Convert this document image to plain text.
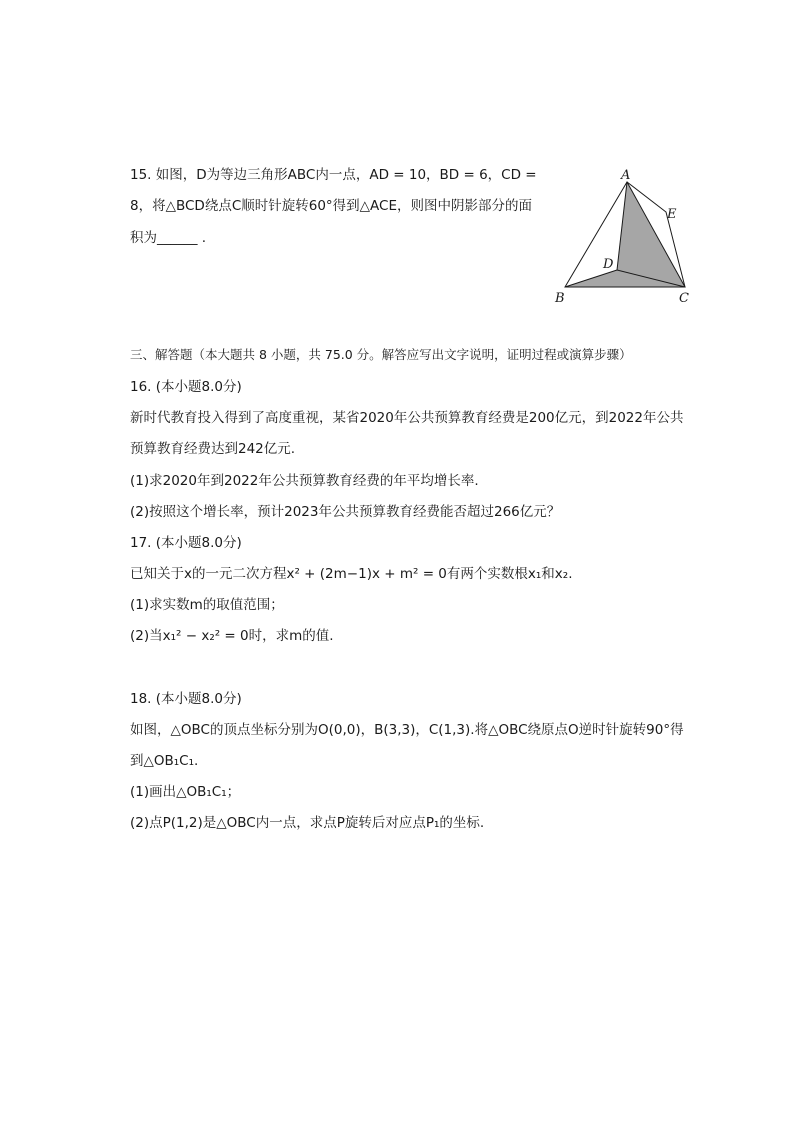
15. 如图，D为等边三角形ABC内一点，AD = 10，BD = 6，CD =
8，将△BCD绕点C顺时针旋转60°得到△ACE，则图中阴影部分的面
积为______ .
A
B	C
D
E
三、解答题（本大题共 8 小题，共 75.0 分。解答应写出文字说明，证明过程或演算步骤）
16. (本小题8.0分)
新时代教育投入得到了高度重视，某省2020年公共预算教育经费是200亿元，到2022年公共
预算教育经费达到242亿元.
(1)求2020年到2022年公共预算教育经费的年平均增长率.
(2)按照这个增长率，预计2023年公共预算教育经费能否超过266亿元？
17. (本小题8.0分)
已知关于x的一元二次方程x² + (2m−1)x + m² = 0有两个实数根x₁和x₂.
(1)求实数m的取值范围；
(2)当x₁² − x₂² = 0时，求m的值.
18. (本小题8.0分)
如图，△OBC的顶点坐标分别为O(0,0)，B(3,3)，C(1,3).将△OBC绕原点O逆时针旋转90°得
到△OB₁C₁.
(1)画出△OB₁C₁；
(2)点P(1,2)是△OBC内一点，求点P旋转后对应点P₁的坐标.
